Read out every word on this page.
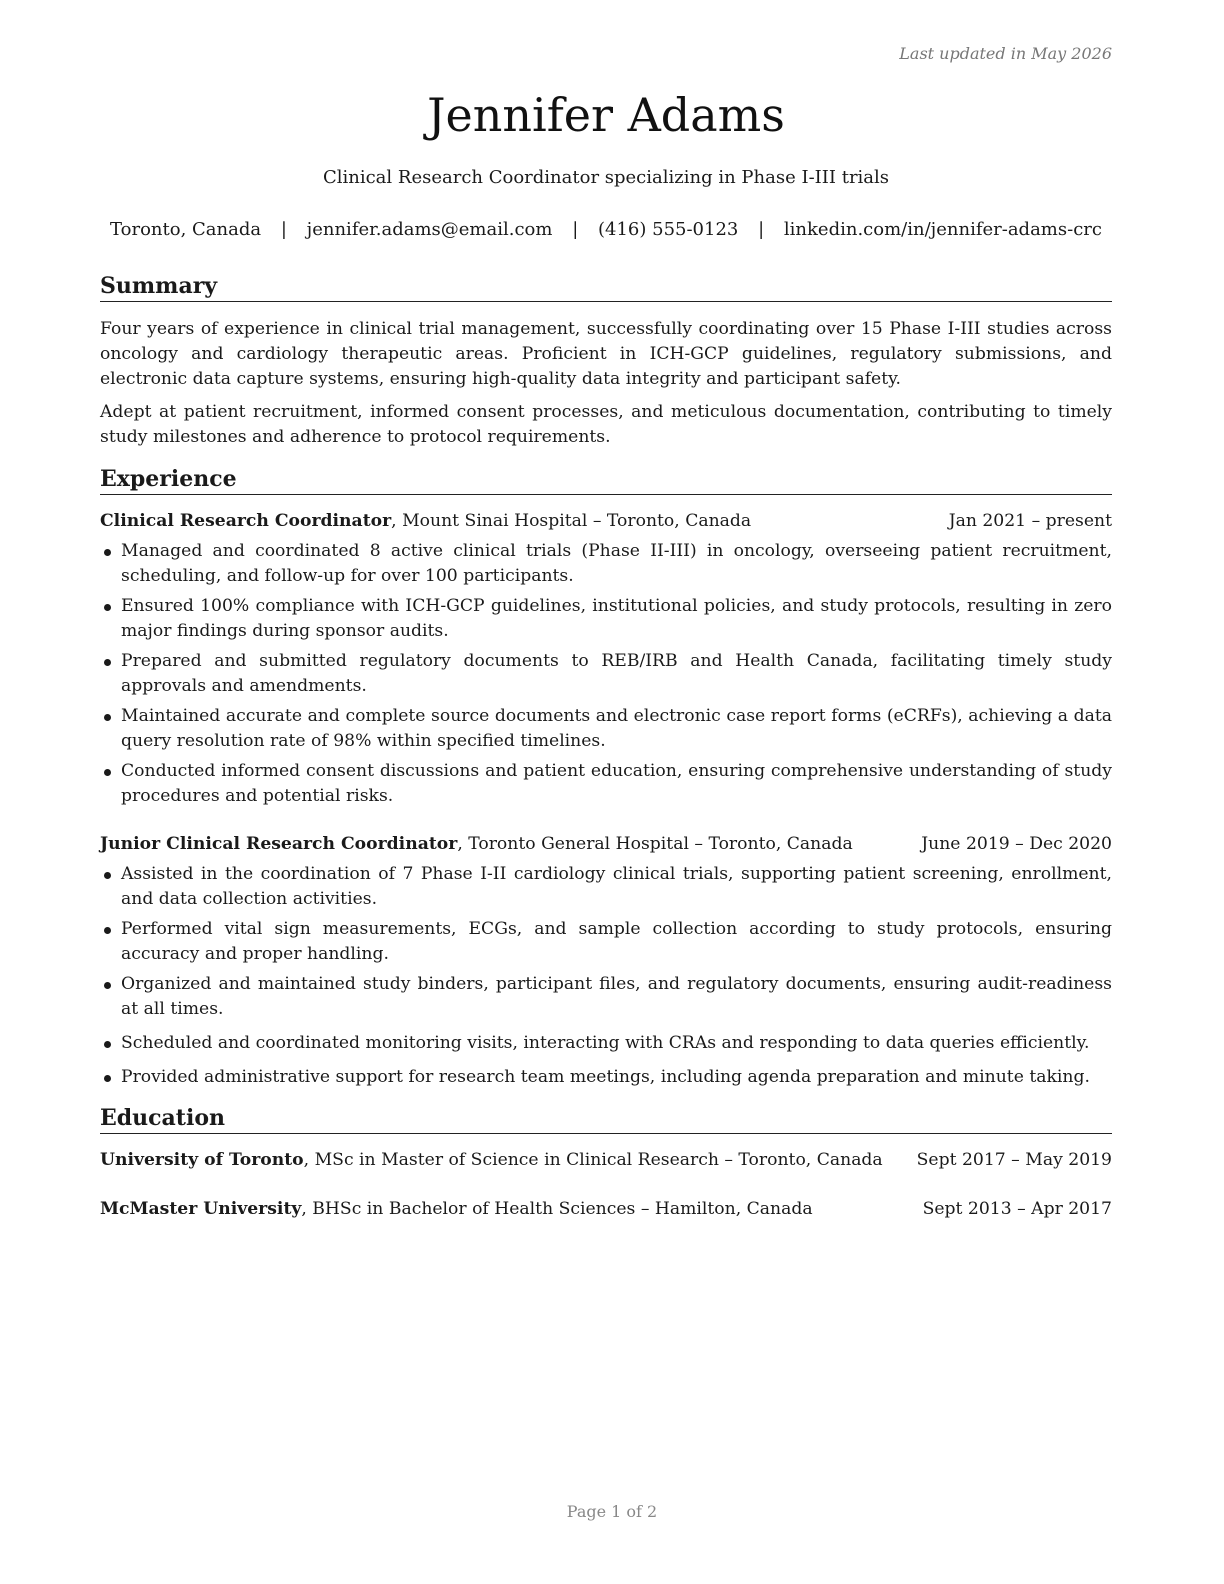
Last updated in May 2026
Jennifer Adams
Clinical Research Coordinator specializing in Phase I-III trials
Toronto, Canada | jennifer.adams@email.com | (416) 555-0123 | linkedin.com/in/jennifer-adams-crc
Summary

Four years of experience in clinical trial management, successfully coordinating over 15 Phase I-III studies across oncology and cardiology therapeutic areas. Proficient in ICH-GCP guidelines, regulatory submissions, and electronic data capture systems, ensuring high-quality data integrity and participant safety.

Adept at patient recruitment, informed consent processes, and meticulous documentation, contributing to timely study milestones and adherence to protocol requirements.

Experience
Clinical Research Coordinator, Mount Sinai Hospital – Toronto, Canada	Jan 2021 – present
Managed and coordinated 8 active clinical trials (Phase II-III) in oncology, overseeing patient recruitment, scheduling, and follow-up for over 100 participants.
Ensured 100% compliance with ICH-GCP guidelines, institutional policies, and study protocols, resulting in zero major findings during sponsor audits.
Prepared and submitted regulatory documents to REB/IRB and Health Canada, facilitating timely study approvals and amendments.
Maintained accurate and complete source documents and electronic case report forms (eCRFs), achieving a data query resolution rate of 98% within specified timelines.
Conducted informed consent discussions and patient education, ensuring comprehensive understanding of study procedures and potential risks.
Junior Clinical Research Coordinator, Toronto General Hospital – Toronto, Canada	June 2019 – Dec 2020
Assisted in the coordination of 7 Phase I-II cardiology clinical trials, supporting patient screening, enrollment, and data collection activities.
Performed vital sign measurements, ECGs, and sample collection according to study protocols, ensuring accuracy and proper handling.
Organized and maintained study binders, participant files, and regulatory documents, ensuring audit-readiness at all times.
Scheduled and coordinated monitoring visits, interacting with CRAs and responding to data queries efficiently.
Provided administrative support for research team meetings, including agenda preparation and minute taking.
Education
University of Toronto, MSc in Master of Science in Clinical Research – Toronto, Canada Sept 2017 – May 2019
McMaster University, BHSc in Bachelor of Health Sciences – Hamilton, Canada	Sept 2013 – Apr 2017
Page 1 of 2
